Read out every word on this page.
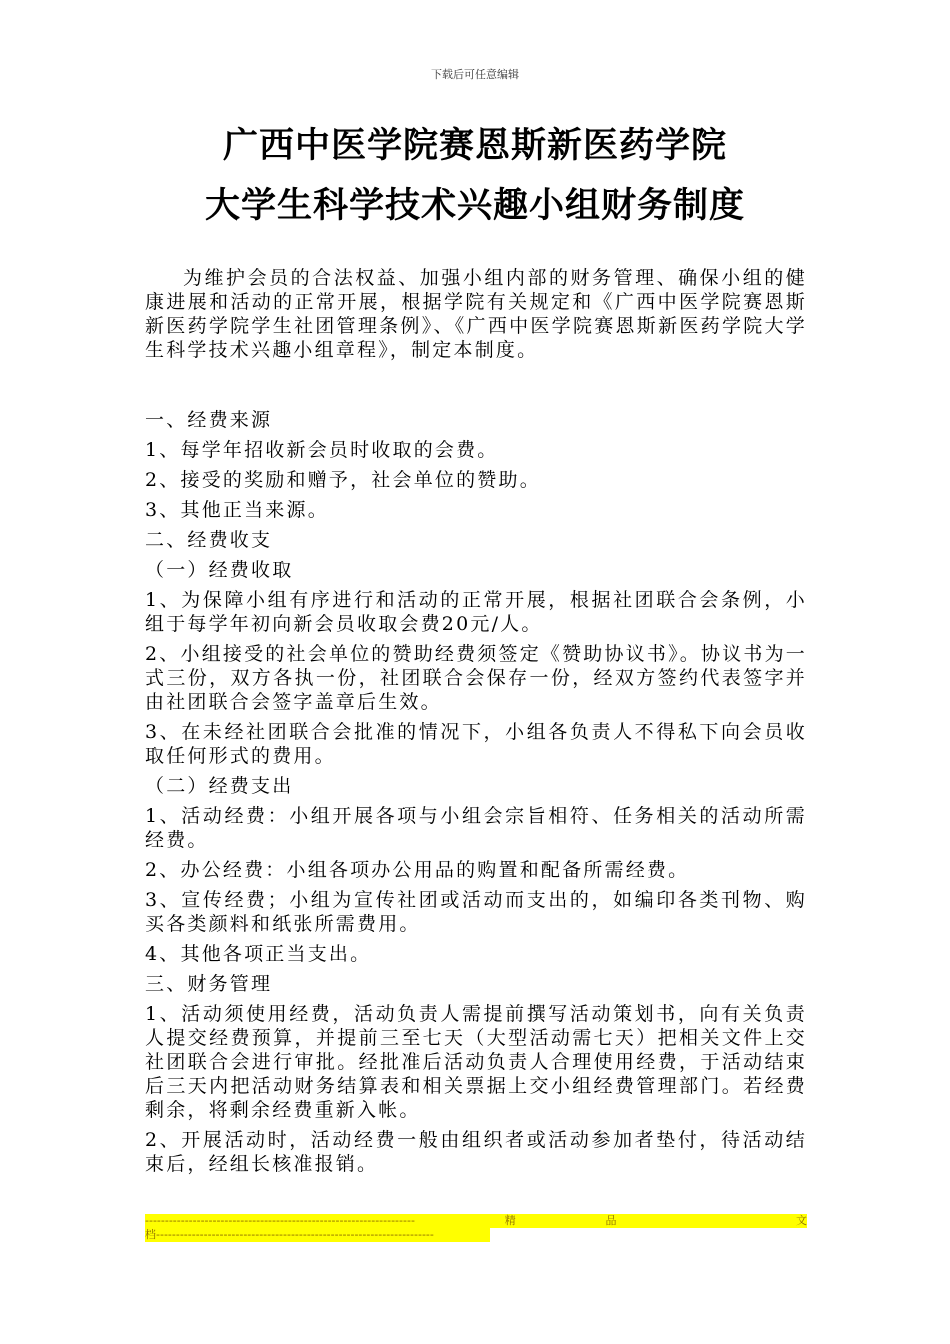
下载后可任意编辑
广西中医学院赛恩斯新医药学院
大学生科学技术兴趣小组财务制度

为维护会员的合法权益、加强小组内部的财务管理、确保小组的健康进展和活动的正常开展，根据学院有关规定和《广西中医学院赛恩斯新医药学院学生社团管理条例》、《广西中医学院赛恩斯新医药学院大学生科学技术兴趣小组章程》，制定本制度。

一、经费来源

1、每学年招收新会员时收取的会费。

2、接受的奖励和赠予，社会单位的赞助。

3、其他正当来源。

二、经费收支

（一）经费收取

1、为保障小组有序进行和活动的正常开展，根据社团联合会条例，小组于每学年初向新会员收取会费20元/人。

2、小组接受的社会单位的赞助经费须签定《赞助协议书》。协议书为一式三份，双方各执一份，社团联合会保存一份，经双方签约代表签字并由社团联合会签字盖章后生效。

3、在未经社团联合会批准的情况下，小组各负责人不得私下向会员收取任何形式的费用。

（二）经费支出

1、活动经费：小组开展各项与小组会宗旨相符、任务相关的活动所需经费。

2、办公经费：小组各项办公用品的购置和配备所需经费。

3、宣传经费；小组为宣传社团或活动而支出的，如编印各类刊物、购买各类颜料和纸张所需费用。

4、其他各项正当支出。

三、财务管理

1、活动须使用经费，活动负责人需提前撰写活动策划书，向有关负责人提交经费预算，并提前三至七天（大型活动需七天）把相关文件上交社团联合会进行审批。经批准后活动负责人合理使用经费，于活动结束后三天内把活动财务结算表和相关票据上交小组经费管理部门。若经费剩余，将剩余经费重新入帐。

2、开展活动时，活动经费一般由组织者或活动参加者垫付，待活动结束后，经组长核准报销。

--------------------------------------------------------------------	精	品	文
档----------------------------------------------------------------------
